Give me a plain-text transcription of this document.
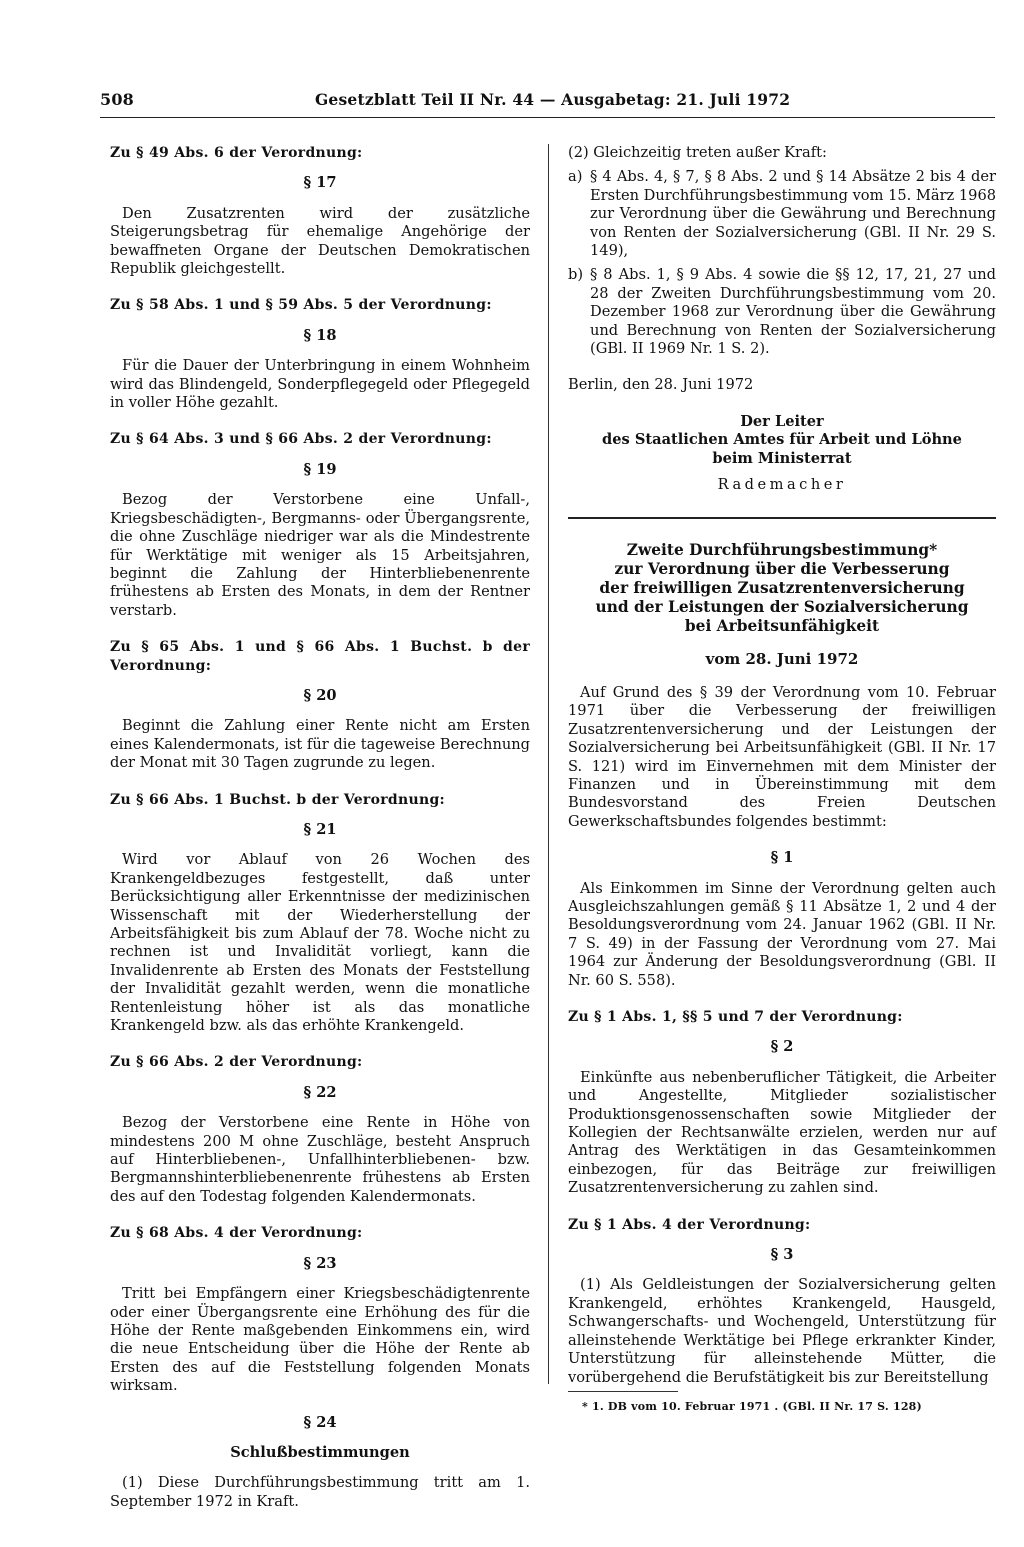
508	Gesetzblatt Teil II Nr. 44 — Ausgabetag: 21. Juli 1972

Zu § 49 Abs. 6 der Verordnung:

§ 17

Den Zusatzrenten wird der zusätzliche Steigerungsbetrag für ehemalige Angehörige der bewaffneten Organe der Deutschen Demokratischen Republik gleichgestellt.

Zu § 58 Abs. 1 und § 59 Abs. 5 der Verordnung:

§ 18

Für die Dauer der Unterbringung in einem Wohnheim wird das Blindengeld, Sonderpflegegeld oder Pflegegeld in voller Höhe gezahlt.

Zu § 64 Abs. 3 und § 66 Abs. 2 der Verordnung:

§ 19

Bezog der Verstorbene eine Unfall-, Kriegsbeschädigten-, Bergmanns- oder Übergangsrente, die ohne Zuschläge niedriger war als die Mindestrente für Werktätige mit weniger als 15 Arbeitsjahren, beginnt die Zahlung der Hinterbliebenenrente frühestens ab Ersten des Monats, in dem der Rentner verstarb.

Zu § 65 Abs. 1 und § 66 Abs. 1 Buchst. b der Verordnung:

§ 20

Beginnt die Zahlung einer Rente nicht am Ersten eines Kalendermonats, ist für die tageweise Berechnung der Monat mit 30 Tagen zugrunde zu legen.

Zu § 66 Abs. 1 Buchst. b der Verordnung:

§ 21

Wird vor Ablauf von 26 Wochen des Krankengeldbezuges festgestellt, daß unter Berücksichtigung aller Erkenntnisse der medizinischen Wissenschaft mit der Wiederherstellung der Arbeitsfähigkeit bis zum Ablauf der 78. Woche nicht zu rechnen ist und Invalidität vorliegt, kann die Invalidenrente ab Ersten des Monats der Feststellung der Invalidität gezahlt werden, wenn die monatliche Rentenleistung höher ist als das monatliche Krankengeld bzw. als das erhöhte Krankengeld.

Zu § 66 Abs. 2 der Verordnung:

§ 22

Bezog der Verstorbene eine Rente in Höhe von mindestens 200 M ohne Zuschläge, besteht Anspruch auf Hinterbliebenen-, Unfallhinterbliebenen- bzw. Bergmannshinterbliebenenrente frühestens ab Ersten des auf den Todestag folgenden Kalendermonats.

Zu § 68 Abs. 4 der Verordnung:

§ 23

Tritt bei Empfängern einer Kriegsbeschädigtenrente oder einer Übergangsrente eine Erhöhung des für die Höhe der Rente maßgebenden Einkommens ein, wird die neue Entscheidung über die Höhe der Rente ab Ersten des auf die Feststellung folgenden Monats wirksam.

§ 24

Schlußbestimmungen

(1) Diese Durchführungsbestimmung tritt am 1. September 1972 in Kraft.

(2) Gleichzeitig treten außer Kraft:

a) § 4 Abs. 4, § 7, § 8 Abs. 2 und § 14 Absätze 2 bis 4 der Ersten Durchführungsbestimmung vom 15. März 1968 zur Verordnung über die Gewährung und Berechnung von Renten der Sozialversicherung (GBl. II Nr. 29 S. 149),

b) § 8 Abs. 1, § 9 Abs. 4 sowie die §§ 12, 17, 21, 27 und 28 der Zweiten Durchführungsbestimmung vom 20. Dezember 1968 zur Verordnung über die Gewährung und Berechnung von Renten der Sozialversicherung (GBl. II 1969 Nr. 1 S. 2).

Berlin, den 28. Juni 1972

Der Leiter

des Staatlichen Amtes für Arbeit und Löhne

beim Ministerrat

Rademacher

Zweite Durchführungsbestimmung*

zur Verordnung über die Verbesserung

der freiwilligen Zusatzrentenversicherung

und der Leistungen der Sozialversicherung

bei Arbeitsunfähigkeit

vom 28. Juni 1972

Auf Grund des § 39 der Verordnung vom 10. Februar 1971 über die Verbesserung der freiwilligen Zusatzrentenversicherung und der Leistungen der Sozialversicherung bei Arbeitsunfähigkeit (GBl. II Nr. 17 S. 121) wird im Einvernehmen mit dem Minister der Finanzen und in Übereinstimmung mit dem Bundesvorstand des Freien Deutschen Gewerkschaftsbundes folgendes bestimmt:

§ 1

Als Einkommen im Sinne der Verordnung gelten auch Ausgleichszahlungen gemäß § 11 Absätze 1, 2 und 4 der Besoldungsverordnung vom 24. Januar 1962 (GBl. II Nr. 7 S. 49) in der Fassung der Verordnung vom 27. Mai 1964 zur Änderung der Besoldungsverordnung (GBl. II Nr. 60 S. 558).

Zu § 1 Abs. 1, §§ 5 und 7 der Verordnung:

§ 2

Einkünfte aus nebenberuflicher Tätigkeit, die Arbeiter und Angestellte, Mitglieder sozialistischer Produktionsgenossenschaften sowie Mitglieder der Kollegien der Rechtsanwälte erzielen, werden nur auf Antrag des Werktätigen in das Gesamteinkommen einbezogen, für das Beiträge zur freiwilligen Zusatzrentenversicherung zu zahlen sind.

Zu § 1 Abs. 4 der Verordnung:

§ 3

(1) Als Geldleistungen der Sozialversicherung gelten Krankengeld, erhöhtes Krankengeld, Hausgeld, Schwangerschafts- und Wochengeld, Unterstützung für alleinstehende Werktätige bei Pflege erkrankter Kinder, Unterstützung für alleinstehende Mütter, die vorübergehend die Berufstätigkeit bis zur Bereitstellung

* 1. DB vom 10. Februar 1971 . (GBl. II Nr. 17 S. 128)
